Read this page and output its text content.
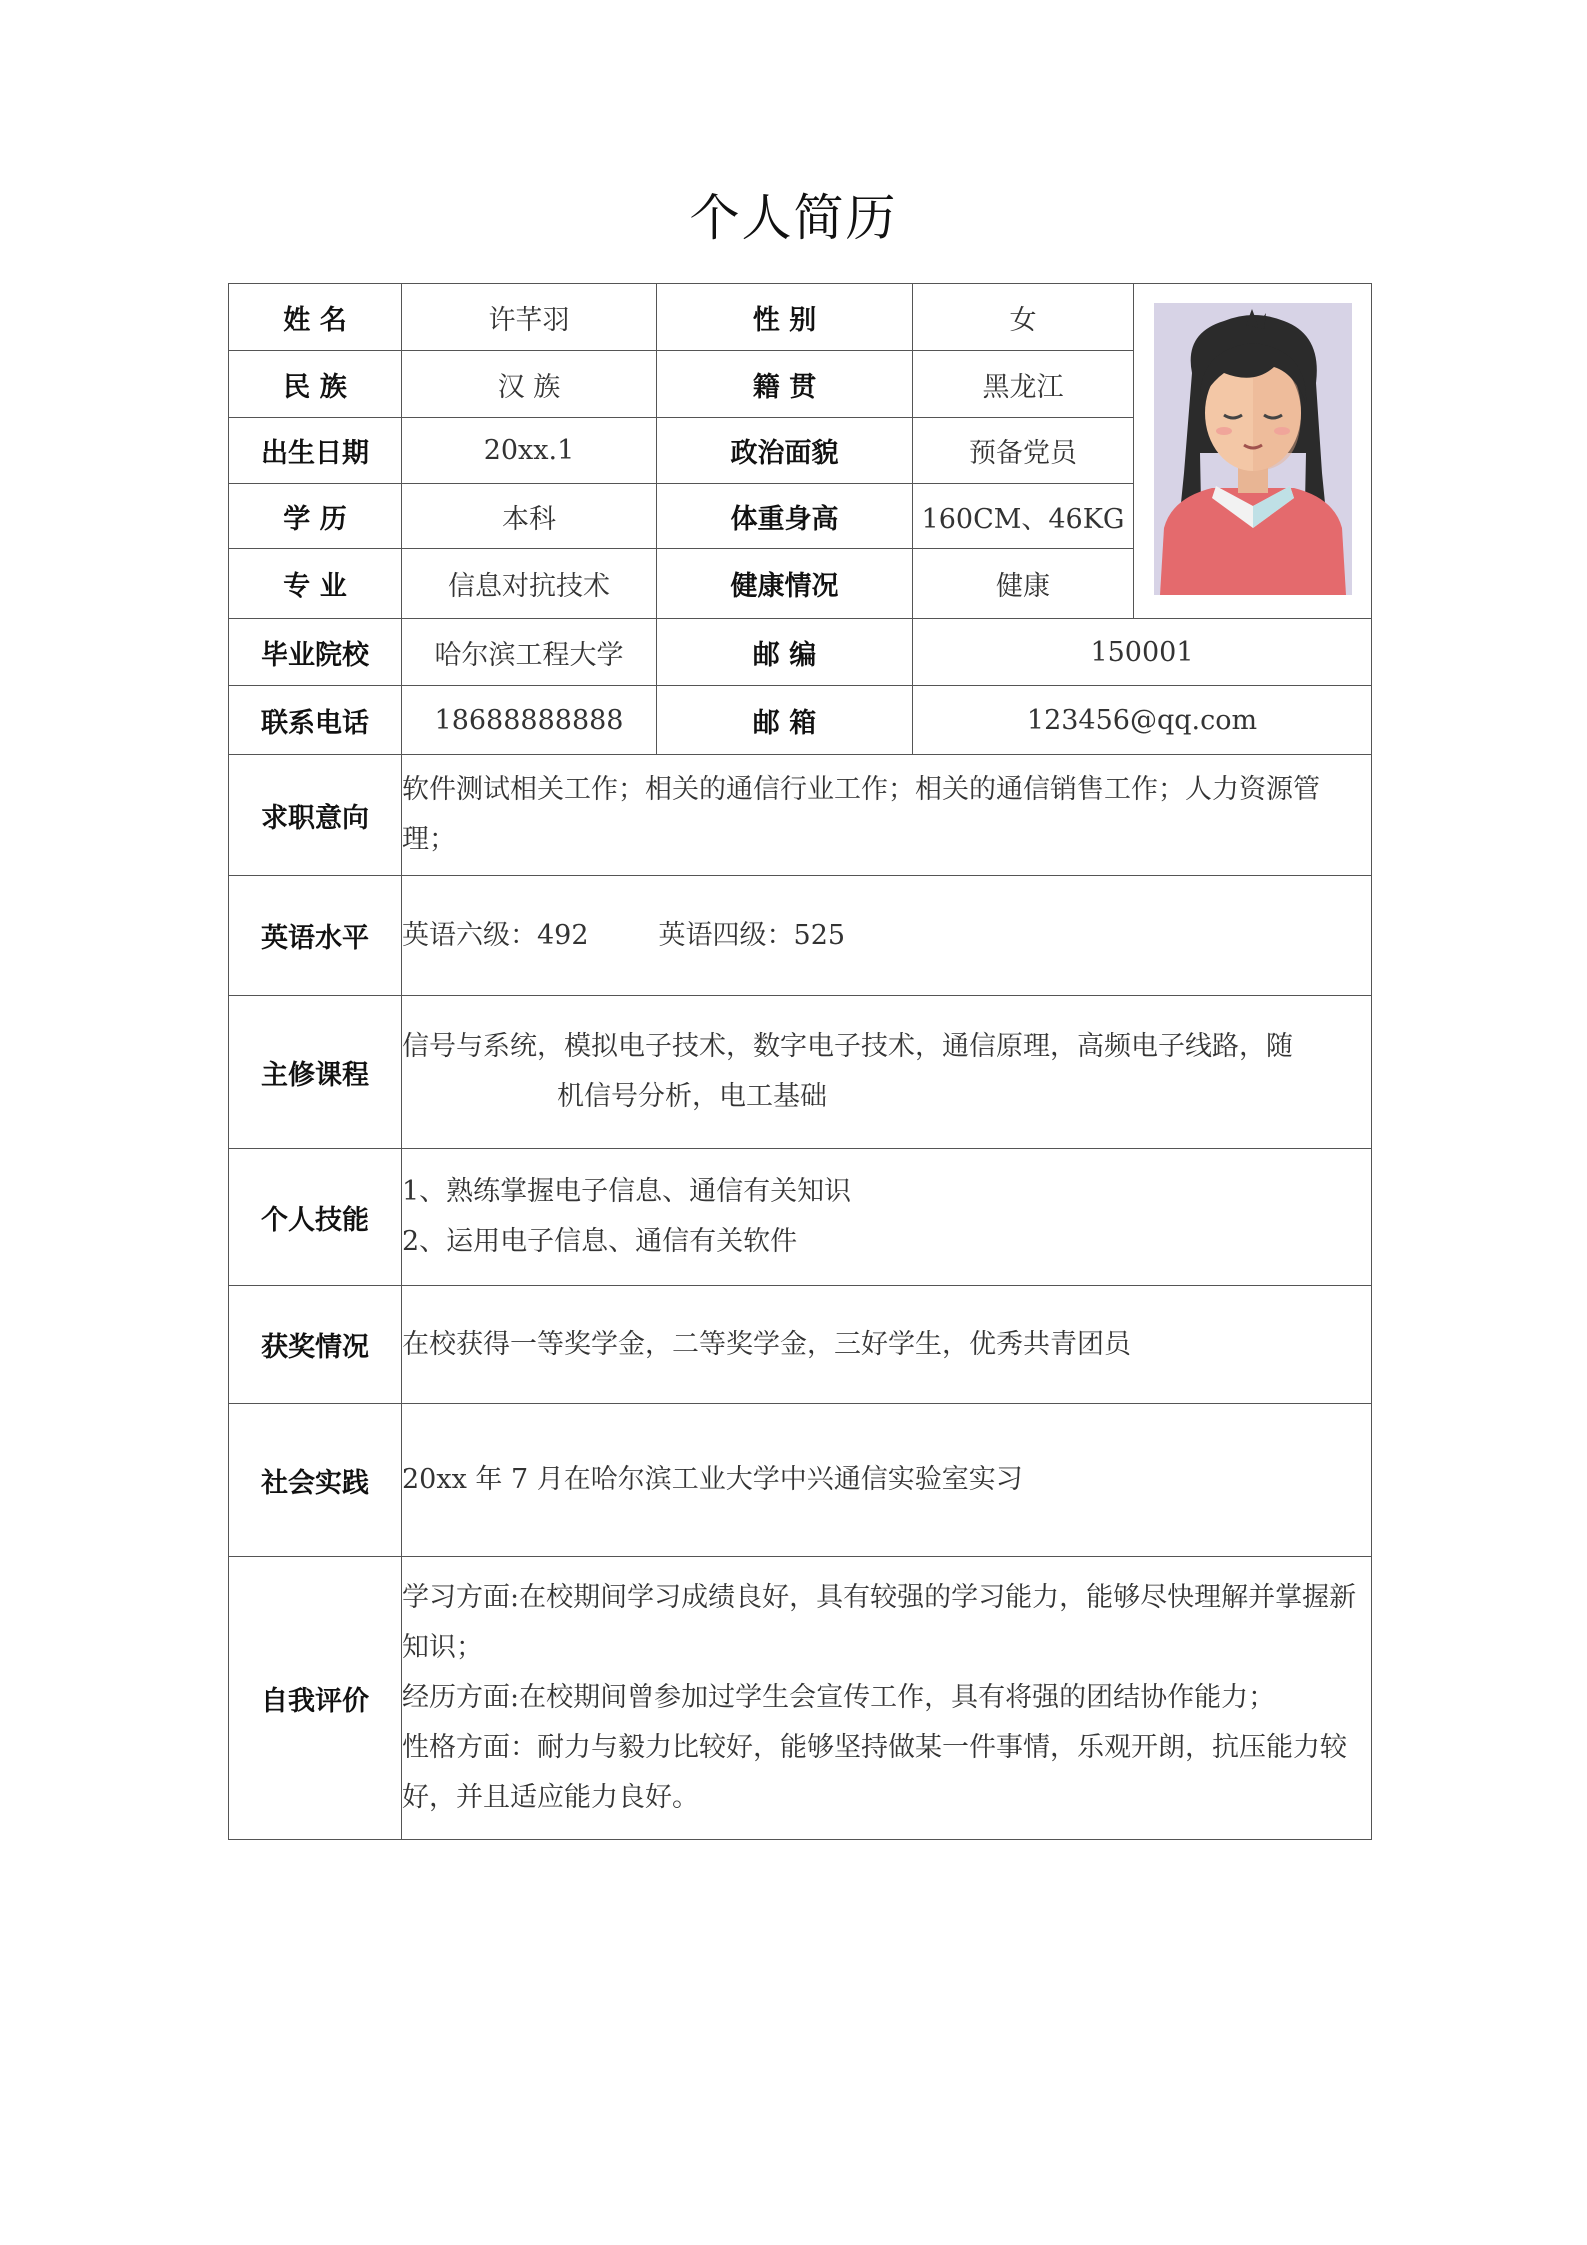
个人简历
姓 名	许芊羽	性 别	女	
民 族	汉 族	籍 贯	黑龙江	
出生日期	20xx.1	政治面貌	预备党员	
学 历	本科	体重身高	160CM、46KG	
专 业	信息对抗技术	健康情况	健康	
毕业院校	哈尔滨工程大学	邮 编	150001	
联系电话	18688888888	邮 箱	123456@qq.com	
求职意向	软件测试相关工作；相关的通信行业工作；相关的通信销售工作；人力资源管理；			
英语水平	英语六级：492 英语四级：525			
主修课程	信号与系统，模拟电子技术，数字电子技术，通信原理，高频电子线路，随
机信号分析，电工基础			

个人技能	1、熟练掌握电子信息、通信有关知识
2、运用电子信息、通信有关软件			

获奖情况	在校获得一等奖学金，二等奖学金，三好学生，优秀共青团员			
社会实践	20xx 年 7 月在哈尔滨工业大学中兴通信实验室实习			
自我评价	学习方面:在校期间学习成绩良好，具有较强的学习能力，能够尽快理解并掌握新知识；
经历方面:在校期间曾参加过学生会宣传工作，具有将强的团结协作能力；
性格方面：耐力与毅力比较好，能够坚持做某一件事情，乐观开朗，抗压能力较好，并且适应能力良好。			
